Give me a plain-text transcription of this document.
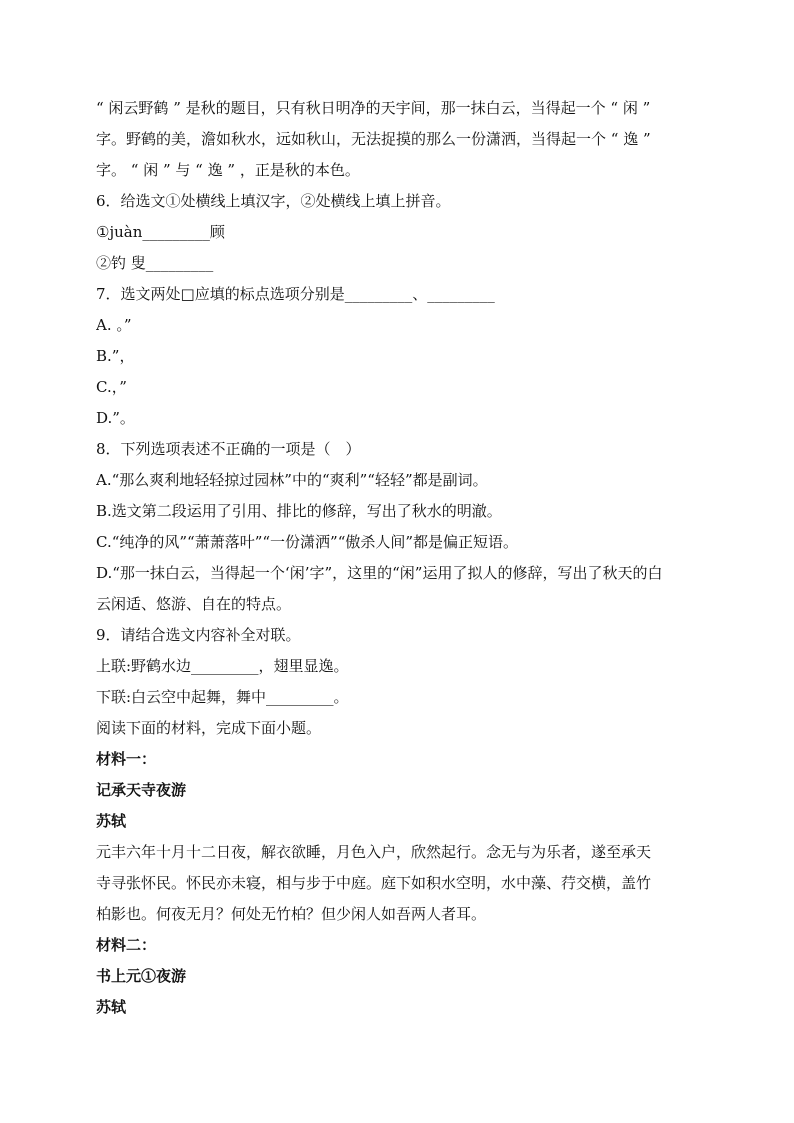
“ 闲云野鹤 ” 是秋的题目，只有秋日明净的天宇间，那一抹白云，当得起一个 “ 闲 ”
字。野鹤的美，澹如秋水，远如秋山，无法捉摸的那么一份潇洒，当得起一个 “ 逸 ”
字。 “ 闲 ” 与 “ 逸 ” ，正是秋的本色。
6．给选文①处横线上填汉字，②处横线上填上拼音。
①juàn_________顾
②钓 叟_________
7．选文两处□应填的标点选项分别是_________、_________
A. 。”
B.”，
C.，”
D.”。
8．下列选项表述不正确的一项是（　）
A.“那么爽利地轻轻掠过园林”中的“爽利”“轻轻”都是副词。
B.选文第二段运用了引用、排比的修辞，写出了秋水的明澈。
C.“纯净的风”“萧萧落叶”“一份潇洒”“傲杀人间”都是偏正短语。
D.“那一抹白云，当得起一个‘闲’字”，这里的“闲”运用了拟人的修辞，写出了秋天的白
云闲适、悠游、自在的特点。
9．请结合选文内容补全对联。
上联:野鹤水边_________，翅里显逸。
下联:白云空中起舞，舞中_________。
阅读下面的材料，完成下面小题。
材料一：
记承天寺夜游
苏轼
元丰六年十月十二日夜，解衣欲睡，月色入户，欣然起行。念无与为乐者，遂至承天
寺寻张怀民。怀民亦未寝，相与步于中庭。庭下如积水空明，水中藻、荇交横，盖竹
柏影也。何夜无月？何处无竹柏？但少闲人如吾两人者耳。
材料二：
书上元①夜游
苏轼
